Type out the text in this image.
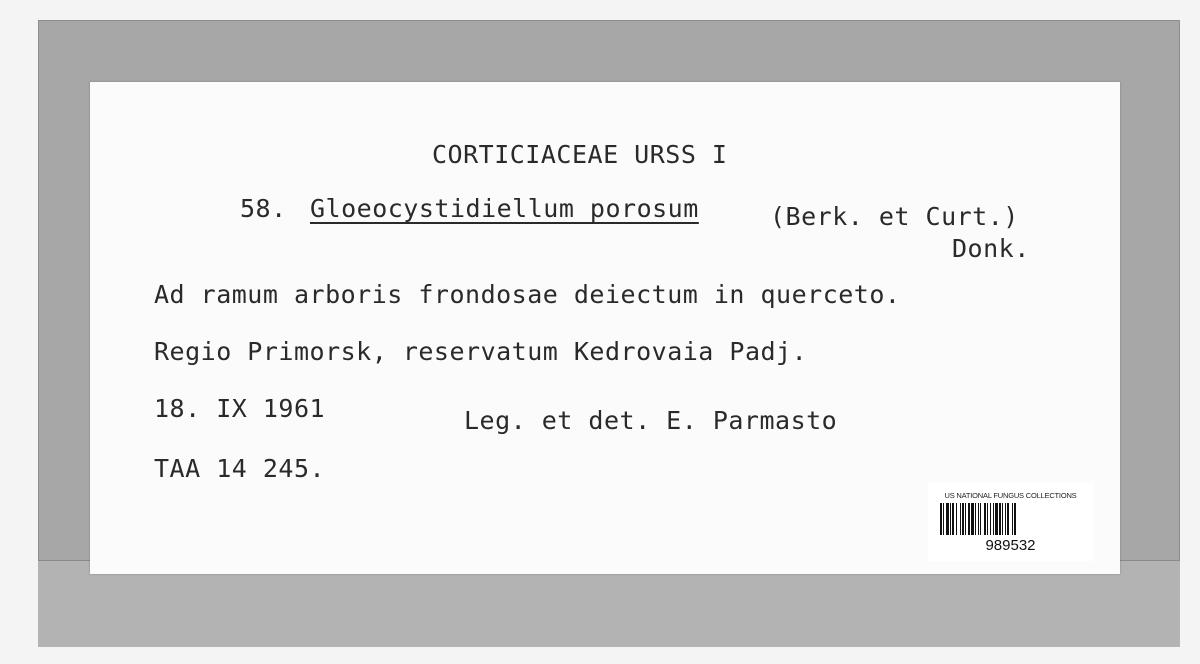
CORTICIACEAE URSS I
58. Gloeocystidiellum porosum	(Berk. et Curt.)
Donk.
Ad ramum arboris frondosae deiectum in querceto.
Regio Primorsk, reservatum Kedrovaia Padj.
18. IX 1961	Leg. et det. E. Parmasto
TAA 14 245.
US NATIONAL FUNGUS COLLECTIONS
989532
